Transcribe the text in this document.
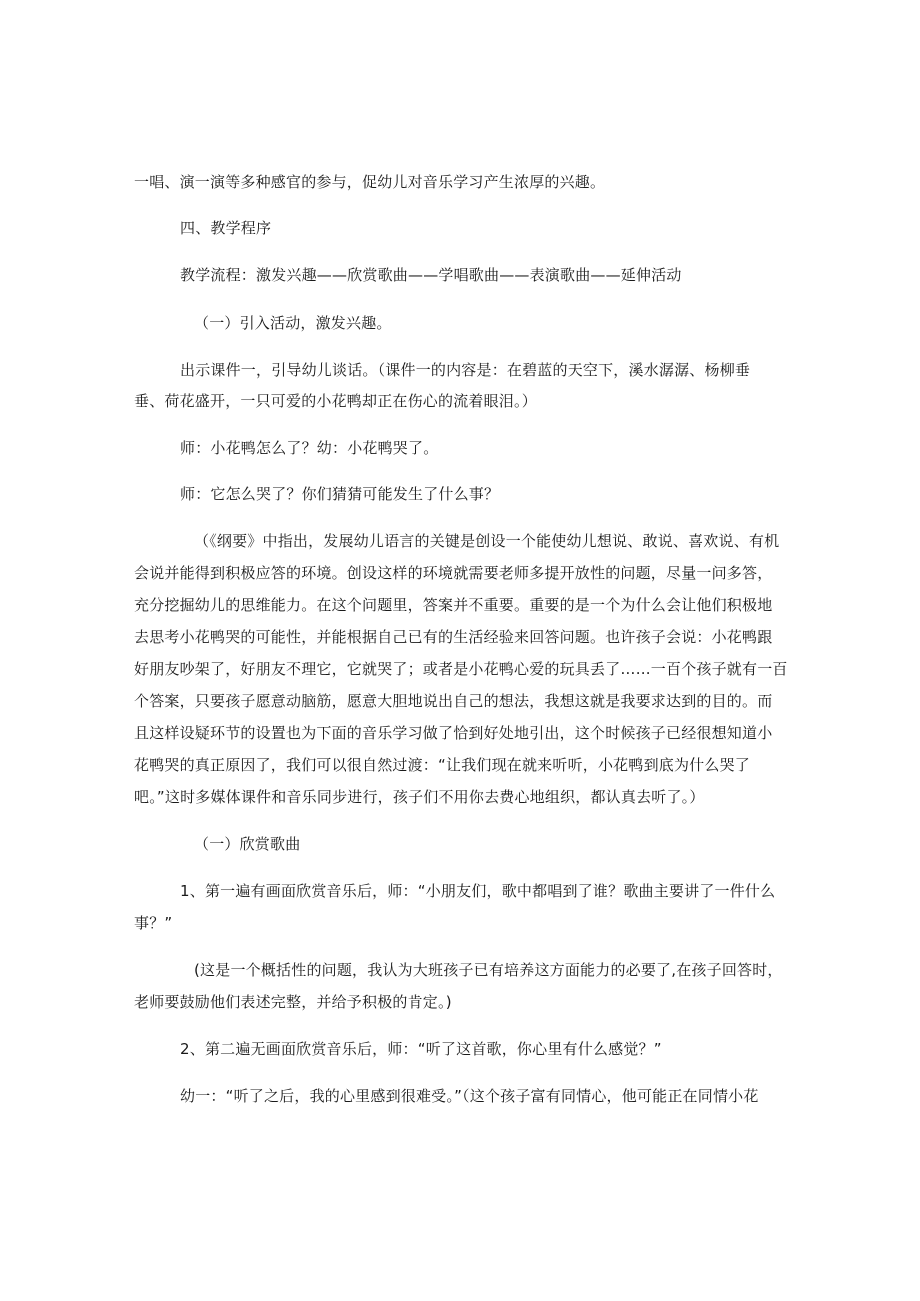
一唱、演一演等多种感官的参与，促幼儿对音乐学习产生浓厚的兴趣。

四、教学程序

教学流程：激发兴趣——欣赏歌曲——学唱歌曲——表演歌曲——延伸活动

（一）引入活动，激发兴趣。

出示课件一，引导幼儿谈话。（课件一的内容是：在碧蓝的天空下，溪水潺潺、杨柳垂

垂、荷花盛开，一只可爱的小花鸭却正在伤心的流着眼泪。）

师：小花鸭怎么了？幼：小花鸭哭了。

师：它怎么哭了？你们猜猜可能发生了什么事？

（《纲要》中指出，发展幼儿语言的关键是创设一个能使幼儿想说、敢说、喜欢说、有机

会说并能得到积极应答的环境。创设这样的环境就需要老师多提开放性的问题，尽量一问多答，

充分挖掘幼儿的思维能力。在这个问题里，答案并不重要。重要的是一个为什么会让他们积极地

去思考小花鸭哭的可能性，并能根据自己已有的生活经验来回答问题。也许孩子会说：小花鸭跟

好朋友吵架了，好朋友不理它，它就哭了；或者是小花鸭心爱的玩具丢了……一百个孩子就有一百

个答案，只要孩子愿意动脑筋，愿意大胆地说出自己的想法，我想这就是我要求达到的目的。而

且这样设疑环节的设置也为下面的音乐学习做了恰到好处地引出，这个时候孩子已经很想知道小

花鸭哭的真正原因了，我们可以很自然过渡：“让我们现在就来听听，小花鸭到底为什么哭了

吧。”这时多媒体课件和音乐同步进行，孩子们不用你去费心地组织，都认真去听了。）

（一）欣赏歌曲

1、第一遍有画面欣赏音乐后，师：“小朋友们，歌中都唱到了谁？歌曲主要讲了一件什么

事？”

(这是一个概括性的问题，我认为大班孩子已有培养这方面能力的必要了,在孩子回答时，

老师要鼓励他们表述完整，并给予积极的肯定。)

2、第二遍无画面欣赏音乐后，师：“听了这首歌，你心里有什么感觉？”

幼一：“听了之后，我的心里感到很难受。”（这个孩子富有同情心，他可能正在同情小花
